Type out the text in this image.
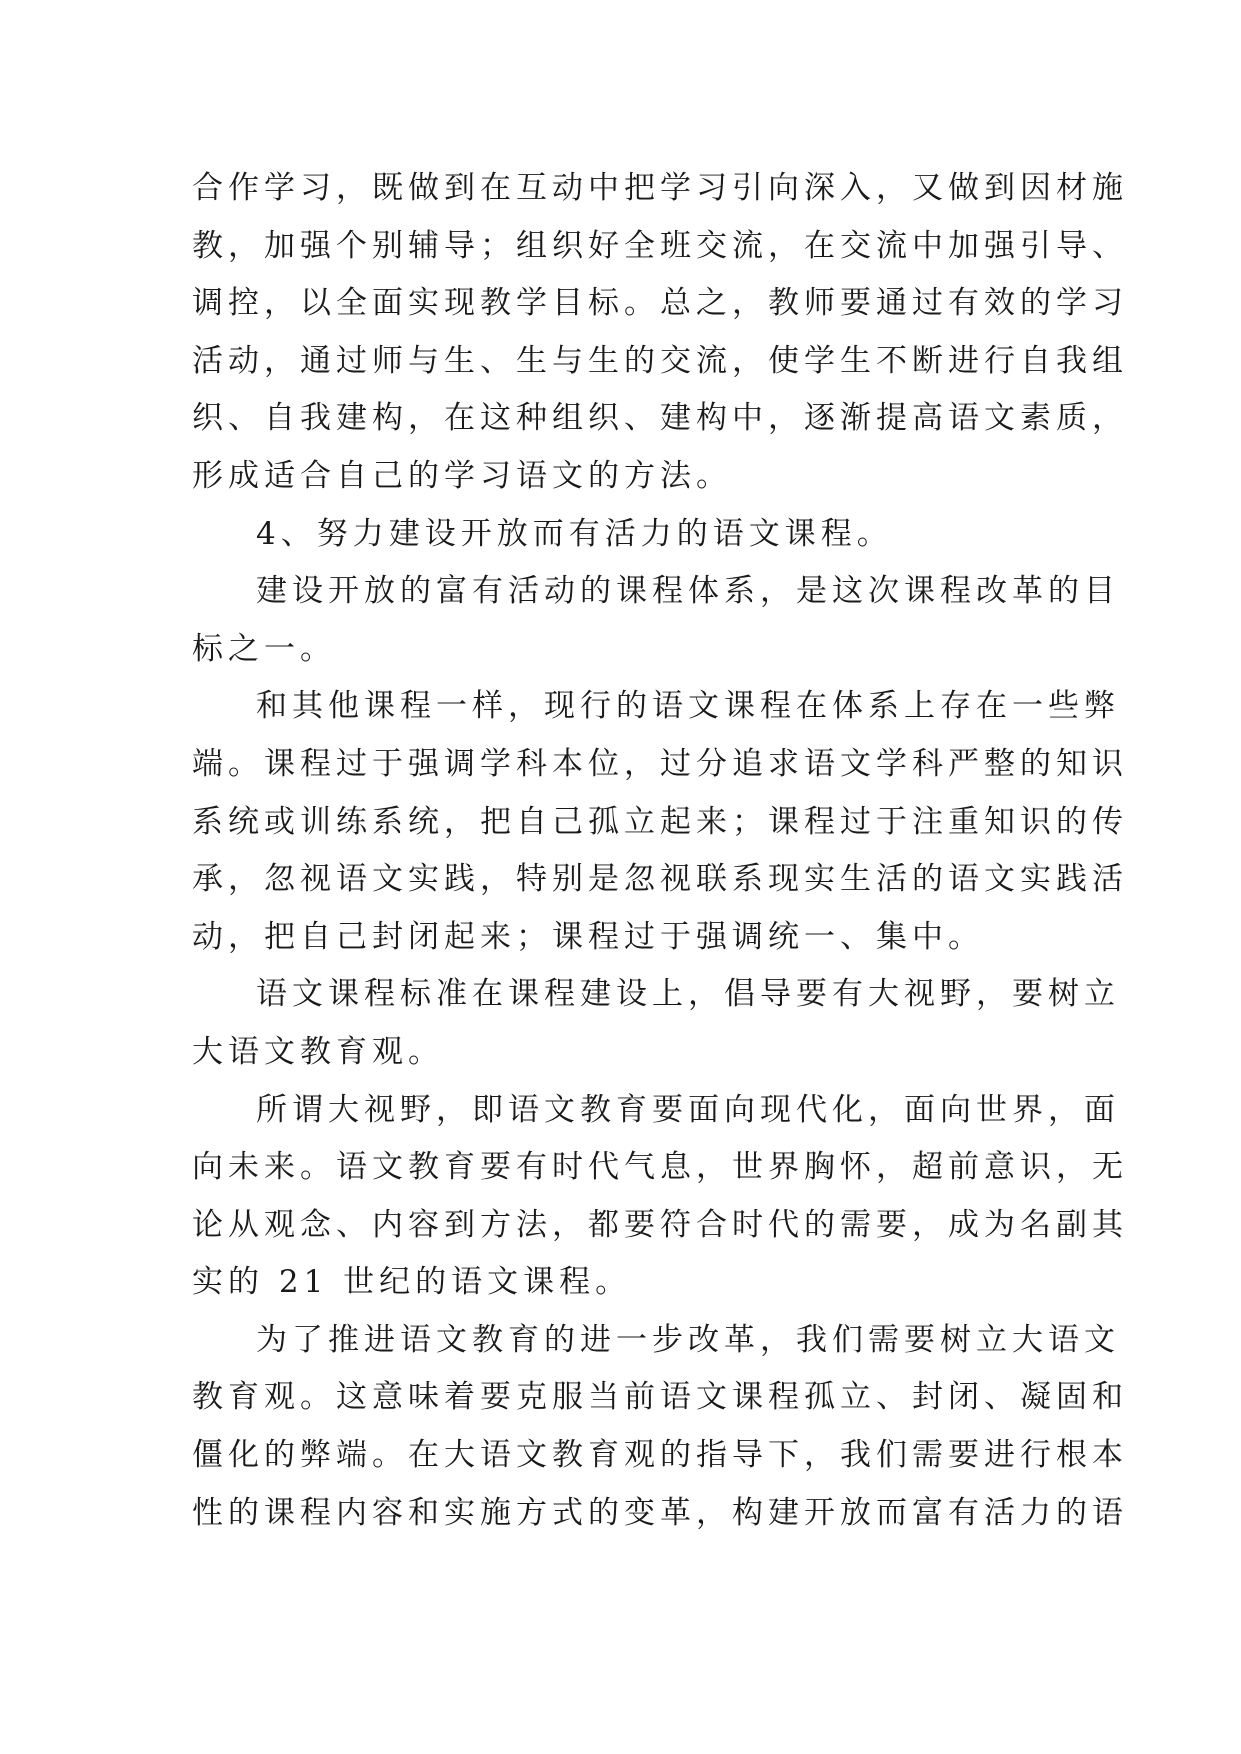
合作学习，既做到在互动中把学习引向深入，又做到因材施
教，加强个别辅导；组织好全班交流，在交流中加强引导、
调控，以全面实现教学目标。总之，教师要通过有效的学习
活动，通过师与生、生与生的交流，使学生不断进行自我组
织、自我建构，在这种组织、建构中，逐渐提高语文素质，
形成适合自己的学习语文的方法。
4、努力建设开放而有活力的语文课程。
建设开放的富有活动的课程体系，是这次课程改革的目
标之一。
和其他课程一样，现行的语文课程在体系上存在一些弊
端。课程过于强调学科本位，过分追求语文学科严整的知识
系统或训练系统，把自己孤立起来；课程过于注重知识的传
承，忽视语文实践，特别是忽视联系现实生活的语文实践活
动，把自己封闭起来；课程过于强调统一、集中。
语文课程标准在课程建设上，倡导要有大视野，要树立
大语文教育观。
所谓大视野，即语文教育要面向现代化，面向世界，面
向未来。语文教育要有时代气息，世界胸怀，超前意识，无
论从观念、内容到方法，都要符合时代的需要，成为名副其
实的 21 世纪的语文课程。
为了推进语文教育的进一步改革，我们需要树立大语文
教育观。这意味着要克服当前语文课程孤立、封闭、凝固和
僵化的弊端。在大语文教育观的指导下，我们需要进行根本
性的课程内容和实施方式的变革，构建开放而富有活力的语
